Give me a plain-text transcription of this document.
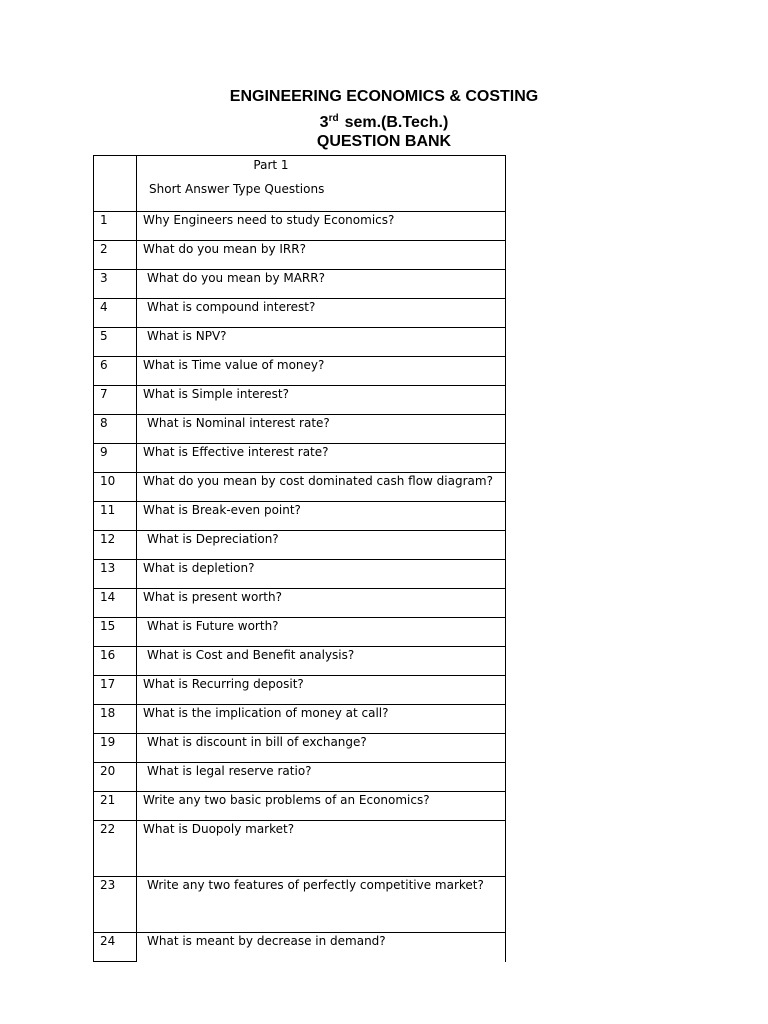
ENGINEERING ECONOMICS & COSTING
3rd sem.(B.Tech.)
QUESTION BANK

	Part 1
Short Answer Type Questions

1	Why Engineers need to study Economics?
2	What do you mean by IRR?
3	What do you mean by MARR?
4	What is compound interest?
5	What is NPV?
6	What is Time value of money?
7	What is Simple interest?
8	What is Nominal interest rate?
9	What is Effective interest rate?
10	What do you mean by cost dominated cash flow diagram?
11	What is Break-even point?
12	What is Depreciation?
13	What is depletion?
14	What is present worth?
15	What is Future worth?
16	What is Cost and Benefit analysis?
17	What is Recurring deposit?
18	What is the implication of money at call?
19	What is discount in bill of exchange?
20	What is legal reserve ratio?
21	Write any two basic problems of an Economics?
22	What is Duopoly market?
23	Write any two features of perfectly competitive market?
24	What is meant by decrease in demand?
